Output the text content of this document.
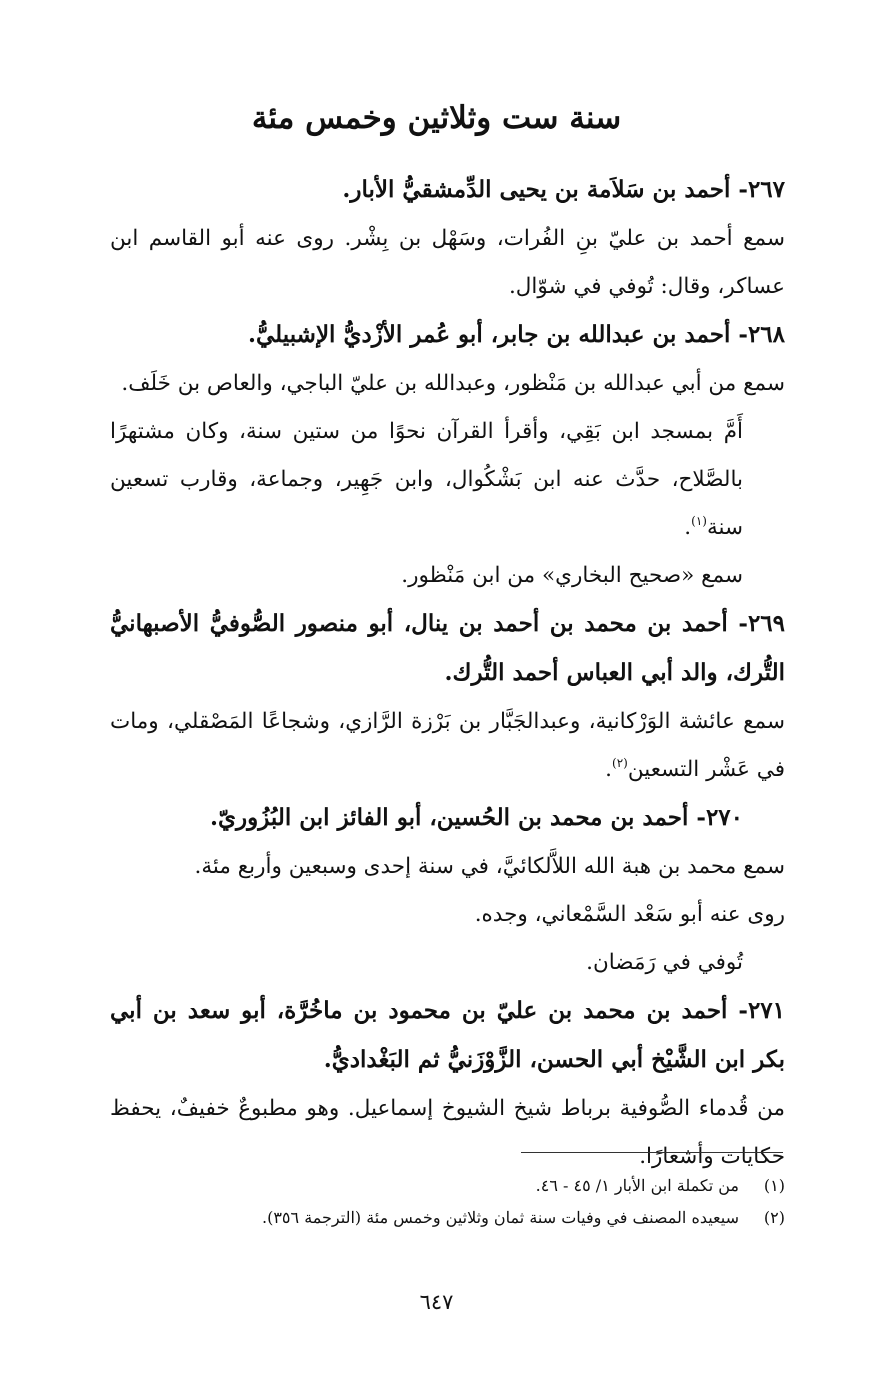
سنة ست وثلاثين وخمس مئة

٢٦٧- أحمد بن سَلاَمة بن يحيى الدِّمشقيُّ الأبار.

سمع أحمد بن عليّ بنِ الفُرات، وسَهْل بن بِشْر. روى عنه أبو القاسم ابن عساكر، وقال: تُوفي في شوّال.

٢٦٨- أحمد بن عبدالله بن جابر، أبو عُمر الأزْديُّ الإشبيليُّ.

سمع من أبي عبدالله بن مَنْظور، وعبدالله بن عليّ الباجي، والعاص بن خَلَف.

أَمَّ بمسجد ابن بَقِي، وأقرأ القرآن نحوًا من ستين سنة، وكان مشتهرًا بالصَّلاح، حدَّث عنه ابن بَشْكُوال، وابن جَهِير، وجماعة، وقارب تسعين سنة$^{(١)}$.

سمع «صحيح البخاري» من ابن مَنْظور.

٢٦٩- أحمد بن محمد بن أحمد بن ينال، أبو منصور الصُّوفيُّ الأصبهانيُّ التُّرك، والد أبي العباس أحمد التُّرك.

سمع عائشة الوَرْكانية، وعبدالجَبَّار بن بَرْزة الرَّازي، وشجاعًا المَصْقلي، ومات في عَشْر التسعين$^{(٢)}$.

٢٧٠- أحمد بن محمد بن الحُسين، أبو الفائز ابن البُزُوريّ.

سمع محمد بن هبة الله اللاَّلكائيَّ، في سنة إحدى وسبعين وأربع مئة.

روى عنه أبو سَعْد السَّمْعاني، وجده.

تُوفي في رَمَضان.

٢٧١- أحمد بن محمد بن عليّ بن محمود بن ماخُرَّة، أبو سعد بن أبي بكر ابن الشَّيْخ أبي الحسن، الزَّوْزَنيُّ ثم البَغْداديُّ.

من قُدماء الصُّوفية برباط شيخ الشيوخ إسماعيل. وهو مطبوعٌ خفيفٌ، يحفظ حكايات وأشعارًا.

(١)من تكملة ابن الأبار ١/ ٤٥ - ٤٦.

(٢)سيعيده المصنف في وفيات سنة ثمان وثلاثين وخمس مئة (الترجمة ٣٥٦).

٦٤٧
